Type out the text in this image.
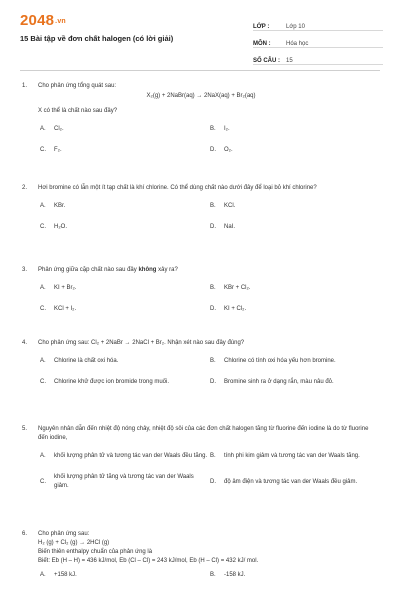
2048.vn
15 Bài tập về đơn chất halogen (có lời giải)
LỚP :	Lớp 10
MÔN :	Hóa học
SỐ CÂU :	15
1. Cho phản ứng tổng quát sau:
X₂(g) + 2NaBr(aq) → 2NaX(aq) + Br₂(aq)
X có thể là chất nào sau đây?
A.	Cl₂.	B.	I₂.
C.	F₂.	D.	O₂.
2. Hơi bromine có lẫn một ít tạp chất là khí chlorine. Có thể dùng chất nào dưới đây để loại bỏ khí chlorine?
A.	KBr.	B.	KCl.
C.	H₂O.	D.	NaI.
3. Phản ứng giữa cặp chất nào sau đây không xảy ra?
A.	KI + Br₂.	B.	KBr + Cl₂.
C.	KCl + I₂.	D.	KI + Cl₂.
4. Cho phản ứng sau: Cl₂ + 2NaBr → 2NaCl + Br₂. Nhận xét nào sau đây đúng?
A.	Chlorine là chất oxi hóa.	B.	Chlorine có tính oxi hóa yếu hơn bromine.
C.	Chlorine khử được ion bromide trong muối.	D.	Bromine sinh ra ở dạng rắn, màu nâu đỏ.
5. Nguyên nhân dẫn đến nhiệt độ nóng chảy, nhiệt độ sôi của các đơn chất halogen tăng từ fluorine đến iodine là do từ fluorine đến iodine,
A.	khối lượng phân tử và tương tác van der Waals đều tăng. B.	tính phi kim giảm và tương tác van der Waals tăng.
C.
khối lượng phân tử tăng và tương tác van der Waals giảm.
D.	độ âm điện và tương tác van der Waals đều giảm.
6. Cho phản ứng sau:
H₂ (g) + Cl₂ (g) → 2HCl (g)
Biến thiên enthalpy chuẩn của phản ứng là
Biết: Eb (H – H) = 436 kJ/mol, Eb (Cl – Cl) = 243 kJ/mol, Eb (H – Cl) = 432 kJ/ mol.
A.	+158 kJ.	B.	-158 kJ.
